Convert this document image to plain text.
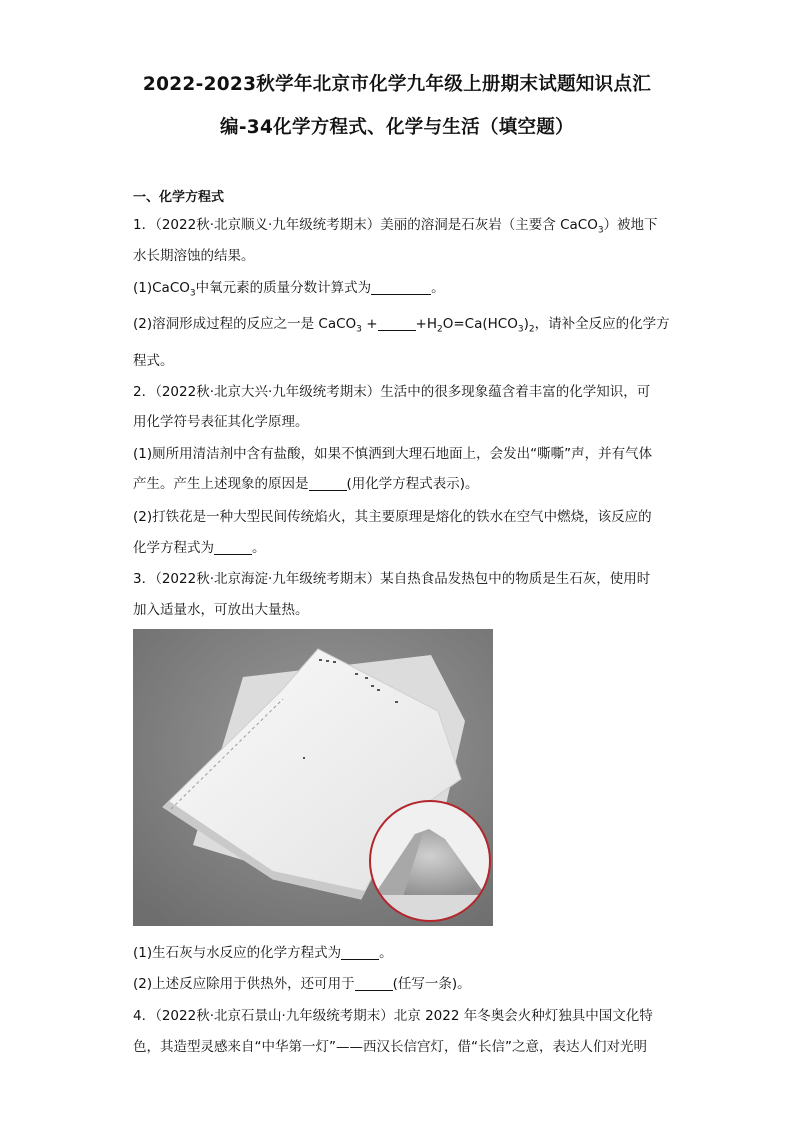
2022-2023秋学年北京市化学九年级上册期末试题知识点汇
编-34化学方程式、化学与生活（填空题）
一、化学方程式
1．（2022秋·北京顺义·九年级统考期末）美丽的溶洞是石灰岩（主要含 CaCO$_3$）被地下
水长期溶蚀的结果。
(1)CaCO$_3$中氧元素的质量分数计算式为	。
(2)溶洞形成过程的反应之一是 CaCO$_3$ +	$+H_2O=Ca(HCO_3)_2$，请补全反应的化学方
程式。
2．（2022秋·北京大兴·九年级统考期末）生活中的很多现象蕴含着丰富的化学知识，可
用化学符号表征其化学原理。
(1)厕所用清洁剂中含有盐酸，如果不慎洒到大理石地面上，会发出“嘶嘶”声，并有气体
产生。产生上述现象的原因是	(用化学方程式表示)。
(2)打铁花是一种大型民间传统焰火，其主要原理是熔化的铁水在空气中燃烧，该反应的
化学方程式为	。
3．（2022秋·北京海淀·九年级统考期末）某自热食品发热包中的物质是生石灰，使用时
加入适量水，可放出大量热。
(1)生石灰与水反应的化学方程式为	。
(2)上述反应除用于供热外，还可用于	(任写一条)。
4．（2022秋·北京石景山·九年级统考期末）北京 2022 年冬奥会火种灯独具中国文化特
色，其造型灵感来自“中华第一灯”——西汉长信宫灯，借“长信”之意，表达人们对光明
